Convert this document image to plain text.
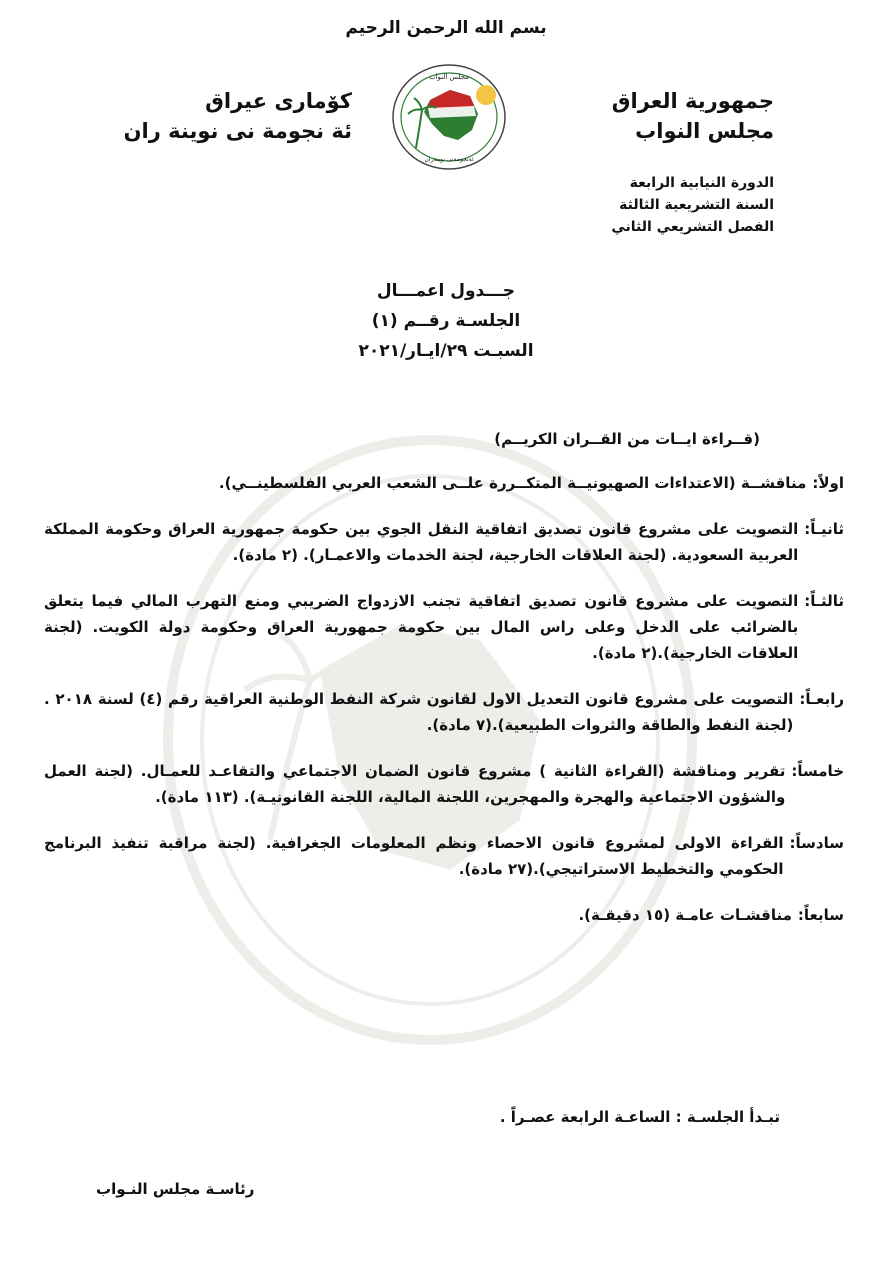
بسم الله الرحمن الرحيم
جمهورية العراق
مجلس النواب
كۆماری عیراق
ئة نجومة نى نوينة ران
مجلس النواب
ئةنجومةنى نوينةران
الدورة النيابية الرابعة
السنة التشريعية الثالثة
الفصل التشريعي الثاني
جـــدول اعمـــال
الجلسـة رقــم (١)
السبـت ٢٩/ايـار/٢٠٢١
(قــراءة ايــات من القــران الكريــم)
اولاً:
مناقشــة (الاعتداءات الصهيونيــة المتكــررة علــى الشعب العربي الفلسطينــي).
ثانيـاً:
التصويت على مشروع قانون تصديق اتفاقية النقل الجوي بين حكومة جمهورية العراق وحكومة المملكة العربية السعودية. (لجنة العلاقات الخارجية، لجنة الخدمات والاعمـار). (٢ مادة).
ثالثـاً:
التصويت على مشروع قانون تصديق اتفاقية تجنب الازدواج الضريبي ومنع التهرب المالي فيما يتعلق بالضرائب على الدخل وعلى راس المال بين حكومة جمهورية العراق وحكومة دولة الكويت. (لجنة العلاقات الخارجية).(٢ مادة).
رابعـاً:
التصويت على مشروع قانون التعديل الاول لقانون شركة النفط الوطنية العراقية رقم (٤) لسنة ٢٠١٨ .(لجنة النفط والطاقة والثروات الطبيعية).(٧ مادة).
خامساً:
تقرير ومناقشة (القراءة الثانية ) مشروع قانون الضمان الاجتماعي والتقاعـد للعمـال. (لجنة العمل والشؤون الاجتماعية والهجرة والمهجرين، اللجنة المالية، اللجنة القانونيـة). (١١٣ مادة).
سادساً:
القراءة الاولى لمشروع قانون الاحصاء ونظم المعلومات الجغرافية. (لجنة مراقبة تنفيذ البرنامج الحكومي والتخطيط الاستراتيجي).(٢٧ مادة).
سابعاً:
مناقشـات عامـة (١٥ دقيقـة).
تبـدأ الجلسـة : الساعـة الرابعة عصـراً .
رئاسـة مجلس النـواب
